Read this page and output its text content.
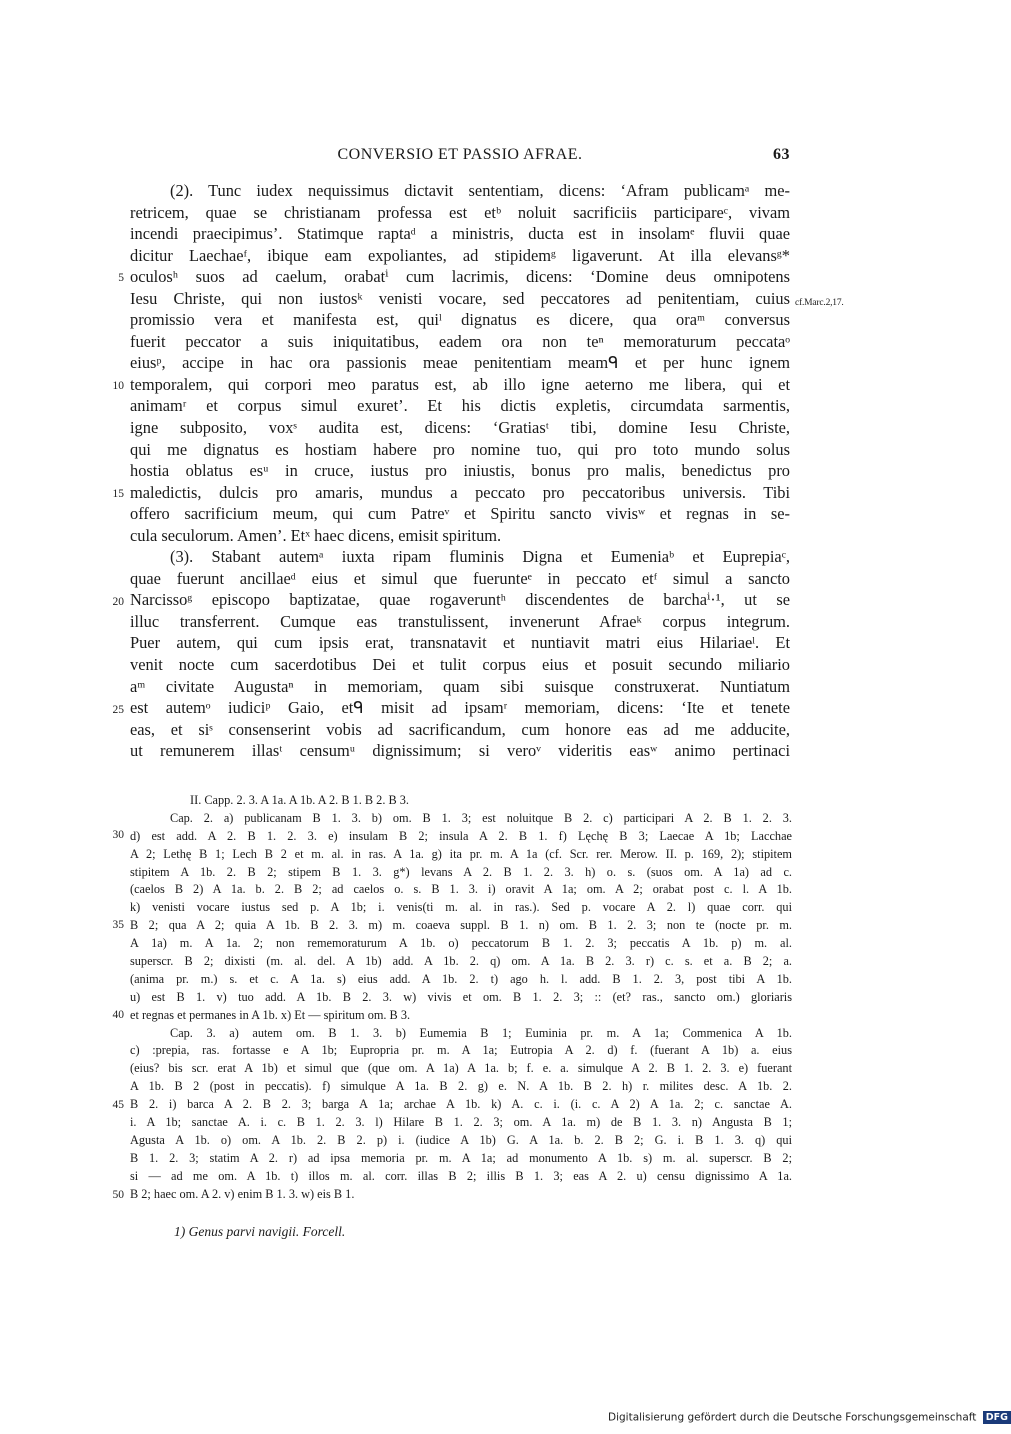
CONVERSIO ET PASSIO AFRAE.	63
(2). Tunc iudex nequissimus dictavit sententiam, dicens: ‘Afram publicamᵃ me-
retricem, quae se christianam professa est etᵇ noluit sacrificiis participareᶜ, vivam
incendi praecipimus’. Statimque raptaᵈ a ministris, ducta est in insolamᵉ fluvii quae
dicitur Laechaeᶠ, ibique eam expoliantes, ad stipidemᵍ ligaverunt. At illa elevansᵍ*
oculosʰ suos ad caelum, orabatⁱ cum lacrimis, dicens: ‘Domine deus omnipotens
Iesu Christe, qui non iustosᵏ venisti vocare, sed peccatores ad penitentiam, cuius
promissio vera et manifesta est, quiˡ dignatus es dicere, qua oraᵐ conversus
fuerit peccator a suis iniquitatibus, eadem ora non teⁿ memoraturum peccataᵒ
eiusᵖ, accipe in hac ora passionis meae penitentiam meamᑫ et per hunc ignem
temporalem, qui corpori meo paratus est, ab illo igne aeterno me libera, qui et
animamʳ et corpus simul exuret’. Et his dictis expletis, circumdata sarmentis,
igne subposito, voxˢ audita est, dicens: ‘Gratiasᵗ tibi, domine Iesu Christe,
qui me dignatus es hostiam habere pro nomine tuo, qui pro toto mundo solus
hostia oblatus esᵘ in cruce, iustus pro iniustis, bonus pro malis, benedictus pro
maledictis, dulcis pro amaris, mundus a peccato pro peccatoribus universis. Tibi
offero sacrificium meum, qui cum Patreᵛ et Spiritu sancto vivisʷ et regnas in se-
cula seculorum. Amen’. Etˣ haec dicens, emisit spiritum.
(3). Stabant autemᵃ iuxta ripam fluminis Digna et Eumeniaᵇ et Euprepiaᶜ,
quae fuerunt ancillaeᵈ eius et simul que fuerunteᵉ in peccato etᶠ simul a sancto
Narcissoᵍ episcopo baptizatae, quae rogaveruntʰ discendentes de barchaⁱ·¹, ut se
illuc transferrent. Cumque eas transtulissent, invenerunt Afraeᵏ corpus integrum.
Puer autem, qui cum ipsis erat, transnatavit et nuntiavit matri eius Hilariaeˡ. Et
venit nocte cum sacerdotibus Dei et tulit corpus eius et posuit secundo miliario
aᵐ civitate Augustaⁿ in memoriam, quam sibi suisque construxerat. Nuntiatum
est autemᵒ iudiciᵖ Gaio, etᑫ misit ad ipsamʳ memoriam, dicens: ‘Ite et tenete
eas, et siˢ consenserint vobis ad sacrificandum, cum honore eas ad me adducite,
ut remunerem illasᵗ censumᵘ dignissimum; si veroᵛ videritis easʷ animo pertinaci
5
10
15
20
25
cf.Marc.2,17.
II. Capp. 2. 3. A 1a. A 1b. A 2. B 1. B 2. B 3.
Cap. 2. a) publicanam B 1. 3. b) om. B 1. 3; est noluitque B 2. c) participari A 2. B 1. 2. 3.
d) est add. A 2. B 1. 2. 3. e) insulam B 2; insula A 2. B 1. f) Lęchę B 3; Laecae A 1b; Lacchae
A 2; Lethę B 1; Lech B 2 et m. al. in ras. A 1a. g) ita pr. m. A 1a (cf. Scr. rer. Merow. II. p. 169, 2); stipitem
stipitem A 1b. 2. B 2; stipem B 1. 3. g*) levans A 2. B 1. 2. 3. h) o. s. (suos om. A 1a) ad c.
(caelos B 2) A 1a. b. 2. B 2; ad caelos o. s. B 1. 3. i) oravit A 1a; om. A 2; orabat post c. l. A 1b.
k) venisti vocare iustus sed p. A 1b; i. venis(ti m. al. in ras.). Sed p. vocare A 2. l) quae corr. qui
B 2; qua A 2; quia A 1b. B 2. 3. m) m. coaeva suppl. B 1. n) om. B 1. 2. 3; non te (nocte pr. m.
A 1a) m. A 1a. 2; non rememoraturum A 1b. o) peccatorum B 1. 2. 3; peccatis A 1b. p) m. al.
superscr. B 2; dixisti (m. al. del. A 1b) add. A 1b. 2. q) om. A 1a. B 2. 3. r) c. s. et a. B 2; a.
(anima pr. m.) s. et c. A 1a. s) eius add. A 1b. 2. t) ago h. l. add. B 1. 2. 3, post tibi A 1b.
u) est B 1. v) tuo add. A 1b. B 2. 3. w) vivis et om. B 1. 2. 3; :: (et? ras., sancto om.) gloriaris
et regnas et permanes in A 1b. x) Et — spiritum om. B 3.
Cap. 3. a) autem om. B 1. 3. b) Eumemia B 1; Euminia pr. m. A 1a; Commenica A 1b.
c) :prepia, ras. fortasse e A 1b; Eupropria pr. m. A 1a; Eutropia A 2. d) f. (fuerant A 1b) a. eius
(eius? bis scr. erat A 1b) et simul que (que om. A 1a) A 1a. b; f. e. a. simulque A 2. B 1. 2. 3. e) fuerant
A 1b. B 2 (post in peccatis). f) simulque A 1a. B 2. g) e. N. A 1b. B 2. h) r. milites desc. A 1b. 2.
B 2. i) barca A 2. B 2. 3; barga A 1a; archae A 1b. k) A. c. i. (i. c. A 2) A 1a. 2; c. sanctae A.
i. A 1b; sanctae A. i. c. B 1. 2. 3. l) Hilare B 1. 2. 3; om. A 1a. m) de B 1. 3. n) Angusta B 1;
Agusta A 1b. o) om. A 1b. 2. B 2. p) i. (iudice A 1b) G. A 1a. b. 2. B 2; G. i. B 1. 3. q) qui
B 1. 2. 3; statim A 2. r) ad ipsa memoria pr. m. A 1a; ad monumento A 1b. s) m. al. superscr. B 2;
si — ad me om. A 1b. t) illos m. al. corr. illas B 2; illis B 1. 3; eas A 2. u) censu dignissimo A 1a.
B 2; haec om. A 2. v) enim B 1. 3. w) eis B 1.
30
35
40
45
50
1) Genus parvi navigii. Forcell.
Digitalisierung gefördert durch die Deutsche Forschungsgemeinschaft DFG
